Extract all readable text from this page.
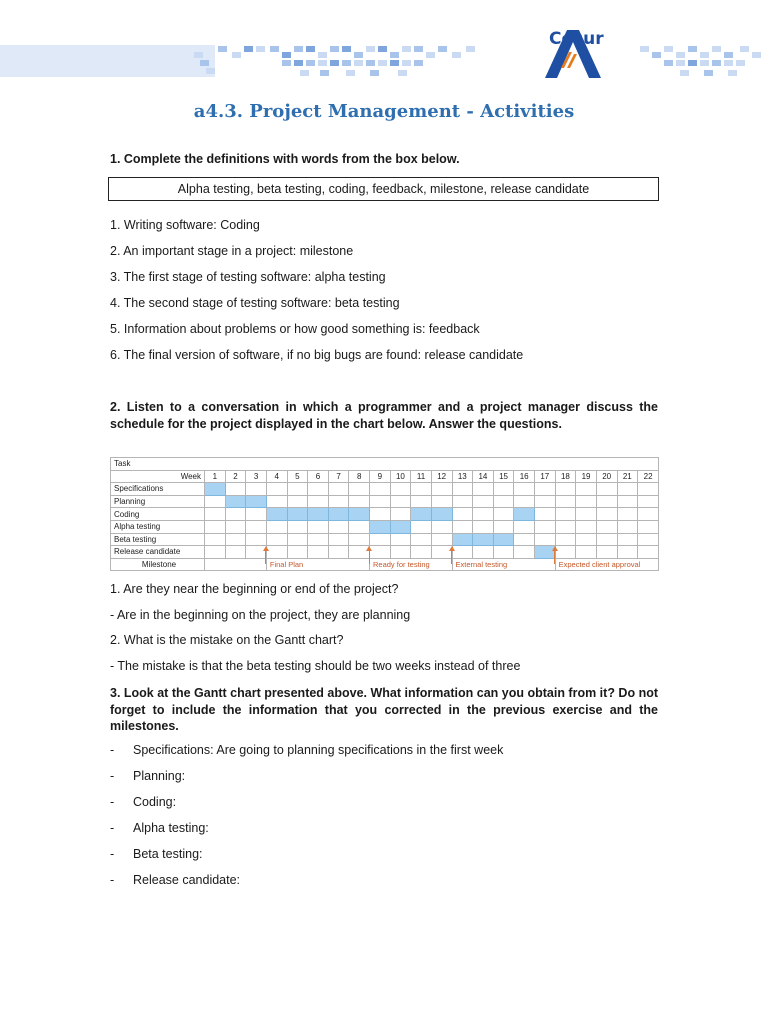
Cesur
a4.3. Project Management - Activities
1. Complete the definitions with words from the box below.
Alpha testing, beta testing, coding, feedback, milestone, release candidate
1. Writing software: Coding
2. An important stage in a project: milestone
3. The first stage of testing software: alpha testing
4. The second stage of testing software: beta testing
5. Information about problems or how good something is: feedback
6. The final version of software, if no big bugs are found: release candidate
2. Listen to a conversation in which a programmer and a project manager discuss the schedule for the project displayed in the chart below. Answer the questions.
Task																						
Week	1	2	3	4	5	6	7	8	9	10	11	12	13	14	15	16	17	18	19	20	21	22
Specifications																						
Planning																						
Coding																						
Alpha testing																						
Beta testing																						
Release candidate																						
Milestone				Final Plan					Ready for testing				External testing					Expected client approval				
1. Are they near the beginning or end of the project?
- Are in the beginning on the project, they are planning
2. What is the mistake on the Gantt chart?
- The mistake is that the beta testing should be two weeks instead of three
3. Look at the Gantt chart presented above. What information can you obtain from it? Do not forget to include the information that you corrected in the previous exercise and the milestones.
- Specifications: Are going to planning specifications in the first week
- Planning:
- Coding:
- Alpha testing:
- Beta testing:
- Release candidate:
